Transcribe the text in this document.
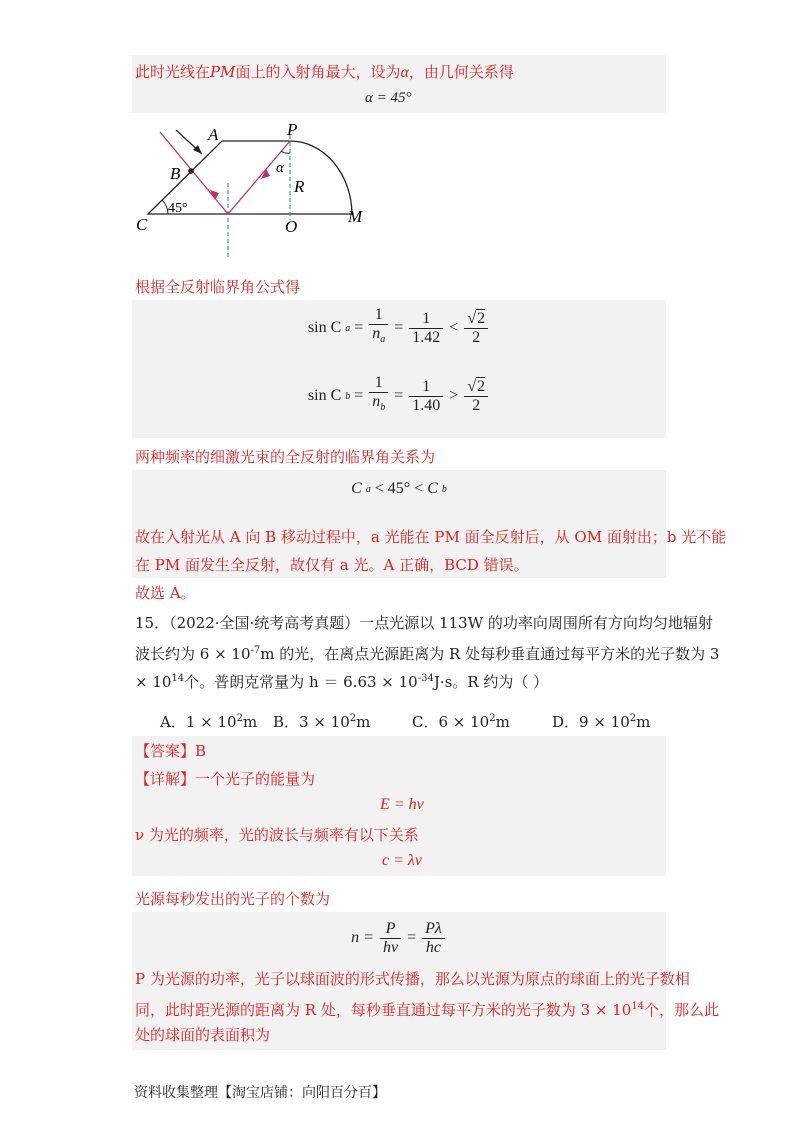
此时光线在PM面上的入射角最大，设为α，由几何关系得
α = 45°
A	P
B
C	O
M
R
α
45°
根据全反射临界角公式得
sin C $a = \frac{1}{n_a} = \frac{1}{1.42} < \frac{√2}{2}$
sin C $b = \frac{1}{n_b} = \frac{1}{1.40} > \frac{√2}{2}$
两种频率的细激光束的全反射的临界角关系为
C a < 45° < C b
故在入射光从 A 向 B 移动过程中，a 光能在 PM 面全反射后，从 OM 面射出；b 光不能
在 PM 面发生全反射，故仅有 a 光。A 正确，BCD 错误。
故选 A。
15．（2022·全国·统考高考真题）一点光源以 113W 的功率向周围所有方向均匀地辐射
波长约为 $6 \times 10^{-7}m$ 的光，在离点光源距离为 R 处每秒垂直通过每平方米的光子数为 3
× $10^{14}$个。普朗克常量为 $h = 6.63 \times 10^{-34}J\cdot s$。R 约为（ ）
A．$1 \times 10^2m$ B．$3 \times 10^2m$	C．$6 \times 10^2m$	D．$9 \times 10^2m$
【答案】B
【详解】一个光子的能量为
E = hν
ν 为光的频率，光的波长与频率有以下关系
c = λν
光源每秒发出的光子的个数为
$n = \frac{P}{h\nu} = \frac{P\lambda}{hc}$
P 为光源的功率，光子以球面波的形式传播，那么以光源为原点的球面上的光子数相
同，此时距光源的距离为 R 处，每秒垂直通过每平方米的光子数为 $3 \times 10^{14}$个，那么此
处的球面的表面积为
资料收集整理【淘宝店铺：向阳百分百】
